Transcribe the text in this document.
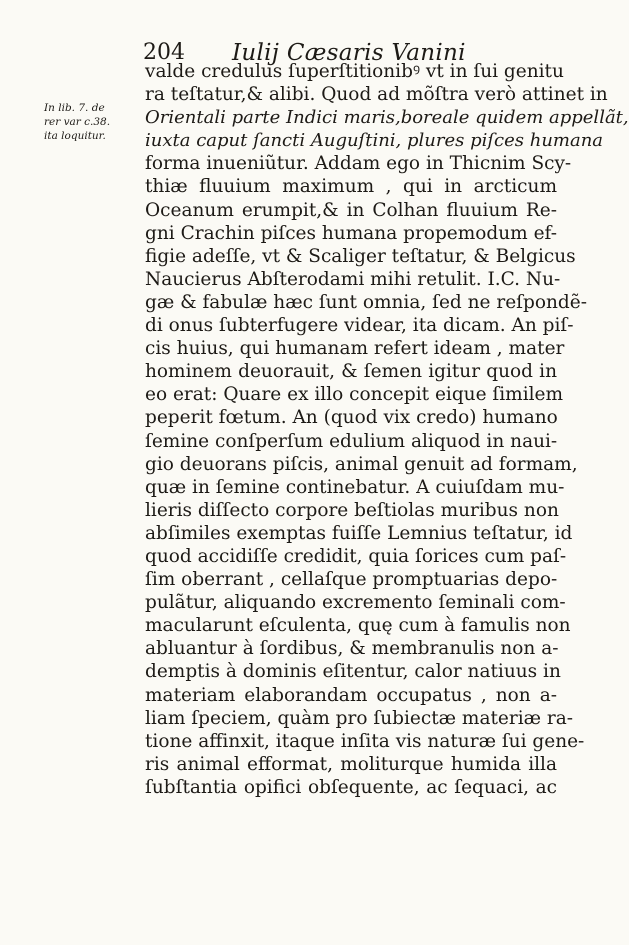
204 Iulij Cæsaris Vanini
In lib. 7. de
rer var c.38.
ita loquitur.
valde credulus ſuperſtitionibꝰ vt in ſui genitu
ra teſtatur,& alibi. Quod ad mõſtra verò attinet in
Orientali parte Indici maris,boreale quidem appellãt,
iuxta caput ſancti Auguſtini, plures piſces humana
forma inueniũtur. Addam ego in Thicnim Scy-
thiæ fluuium maximum , qui in arcticum
Oceanum erumpit,& in Colhan fluuium Re-
gni Crachin piſces humana propemodum ef-
figie adeſſe, vt & Scaliger teſtatur, & Belgicus
Naucierus Abſterodami mihi retulit. I.C. Nu-
gæ & fabulæ hæc ſunt omnia, ſed ne reſpondẽ-
di onus ſubterfugere videar, ita dicam. An piſ-
cis huius, qui humanam refert ideam , mater
hominem deuorauit, & ſemen igitur quod in
eo erat: Quare ex illo concepit eique ſimilem
peperit fœtum. An (quod vix credo) humano
ſemine conſperſum edulium aliquod in naui-
gio deuorans piſcis, animal genuit ad formam,
quæ in ſemine continebatur. A cuiuſdam mu-
lieris diſſecto corpore beſtiolas muribus non
abſimiles exemptas fuiſſe Lemnius teſtatur, id
quod accidiſſe credidit, quia ſorices cum paſ-
ſim oberrant , cellaſque promptuarias depo-
pulãtur, aliquando excremento ſeminali com-
macularunt eſculenta, quę cum à famulis non
abluantur à ſordibus, & membranulis non a-
demptis à dominis eſitentur, calor natiuus in
materiam elaborandam occupatus , non a-
liam ſpeciem, quàm pro ſubiectæ materiæ ra-
tione affinxit, itaque inſita vis naturæ ſui gene-
ris animal efformat, moliturque humida illa
ſubſtantia opifici obſequente, ac ſequaci, ac
